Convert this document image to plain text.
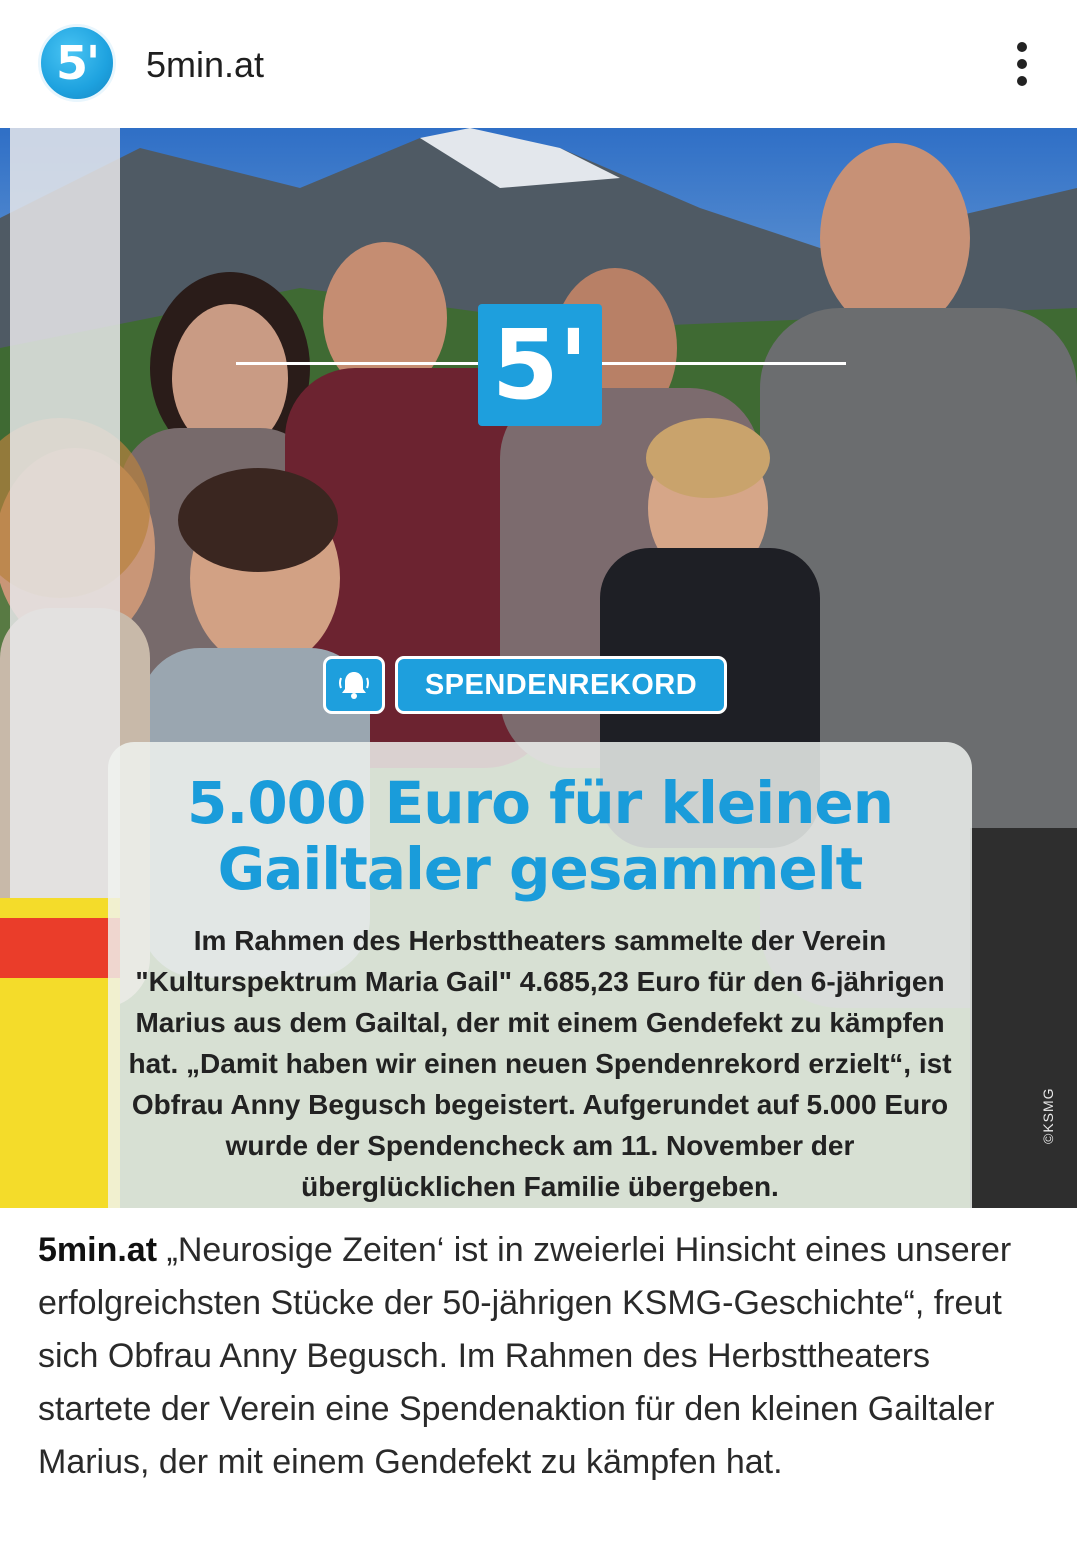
5'	5min.at
5'
SPENDENREKORD
5.000 Euro für kleinen
Gailtaler gesammelt
Im Rahmen des Herbsttheaters sammelte der Verein
"Kulturspektrum Maria Gail" 4.685,23 Euro für den 6-jährigen
Marius aus dem Gailtal, der mit einem Gendefekt zu kämpfen
hat. „Damit haben wir einen neuen Spendenrekord erzielt“, ist
Obfrau Anny Begusch begeistert. Aufgerundet auf 5.000 Euro
wurde der Spendencheck am 11. November der
überglücklichen Familie übergeben.
©KSMG
5min.at „Neurosige Zeiten‘ ist in zweierlei Hinsicht eines unserer erfolgreichsten Stücke der 50-jährigen KSMG-Geschichte“, freut sich Obfrau Anny Begusch. Im Rahmen des Herbsttheaters startete der Verein eine Spendenaktion für den kleinen Gailtaler Marius, der mit einem Gendefekt zu kämpfen hat.
